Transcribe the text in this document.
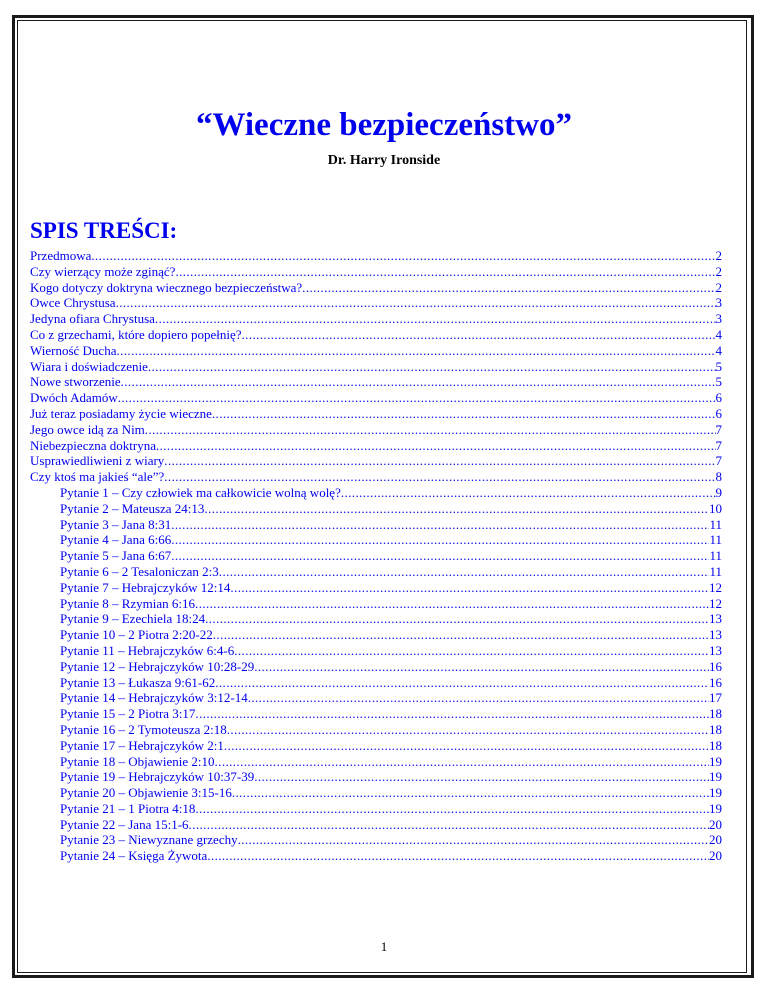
“Wieczne bezpieczeństwo”
Dr. Harry Ironside
SPIS TREŚCI:
Przedmowa .....	2
Czy wierzący może zginąć? .....	2
Kogo dotyczy doktryna wiecznego bezpieczeństwa? .....	2
Owce Chrystusa .....	3
Jedyna ofiara Chrystusa .....	3
Co z grzechami, które dopiero popełnię? .....	4
Wierność Ducha .....	4
Wiara i doświadczenie .....	5
Nowe stworzenie .....	5
Dwóch Adamów .....	6
Już teraz posiadamy życie wieczne .....	6
Jego owce idą za Nim .....	7
Niebezpieczna doktryna .....	7
Usprawiedliwieni z wiary .....	7
Czy ktoś ma jakieś “ale”? .....	8
Pytanie 1 – Czy człowiek ma całkowicie wolną wolę? .....	9
Pytanie 2 – Mateusza 24:13 .....	10
Pytanie 3 – Jana 8:31 .....	11
Pytanie 4 – Jana 6:66 .....	11
Pytanie 5 – Jana 6:67 .....	11
Pytanie 6 – 2 Tesaloniczan 2:3 .....	11
Pytanie 7 – Hebrajczyków 12:14 .....	12
Pytanie 8 – Rzymian 6:16 .....	12
Pytanie 9 – Ezechiela 18:24 .....	13
Pytanie 10 – 2 Piotra 2:20-22 .....	13
Pytanie 11 – Hebrajczyków 6:4-6 .....	13
Pytanie 12 – Hebrajczyków 10:28-29 .....	16
Pytanie 13 – Łukasza 9:61-62 .....	16
Pytanie 14 – Hebrajczyków 3:12-14 .....	17
Pytanie 15 – 2 Piotra 3:17 .....	18
Pytanie 16 – 2 Tymoteusza 2:18 .....	18
Pytanie 17 – Hebrajczyków 2:1 .....	18
Pytanie 18 – Objawienie 2:10 .....	19
Pytanie 19 – Hebrajczyków 10:37-39 .....	19
Pytanie 20 – Objawienie 3:15-16 .....	19
Pytanie 21 – 1 Piotra 4:18 .....	19
Pytanie 22 – Jana 15:1-6 .....	20
Pytanie 23 – Niewyznane grzechy .....	20
Pytanie 24 – Księga Żywota .....	20
1
